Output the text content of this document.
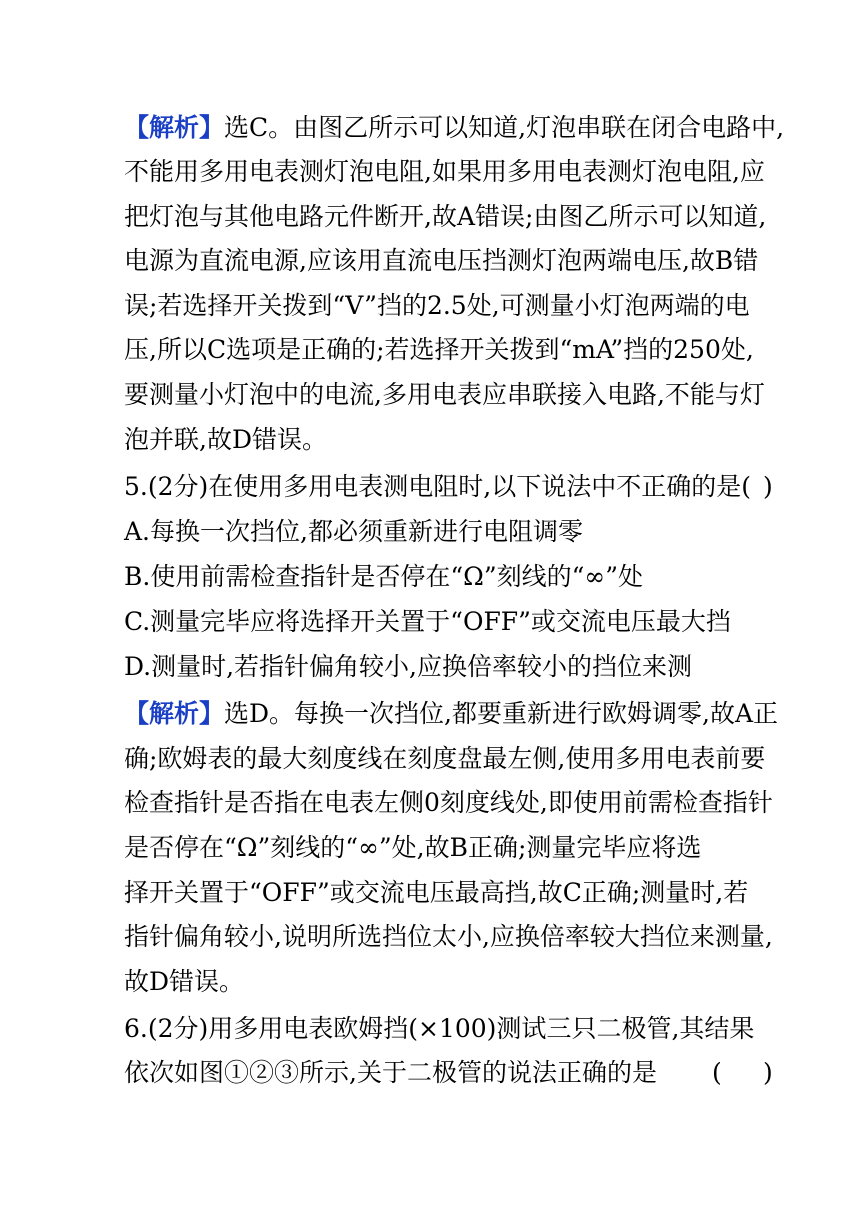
【解析】选C。由图乙所示可以知道,灯泡串联在闭合电路中,
不能用多用电表测灯泡电阻,如果用多用电表测灯泡电阻,应
把灯泡与其他电路元件断开,故A错误;由图乙所示可以知道,
电源为直流电源,应该用直流电压挡测灯泡两端电压,故B错
误;若选择开关拨到“V”挡的2.5处,可测量小灯泡两端的电
压,所以C选项是正确的;若选择开关拨到“mA”挡的250处,
要测量小灯泡中的电流,多用电表应串联接入电路,不能与灯
泡并联,故D错误。
5.(2分)在使用多用电表测电阻时,以下说法中不正确的是( )
A.每换一次挡位,都必须重新进行电阻调零
B.使用前需检查指针是否停在“Ω”刻线的“∞”处
C.测量完毕应将选择开关置于“OFF”或交流电压最大挡
D.测量时,若指针偏角较小,应换倍率较小的挡位来测
【解析】选D。每换一次挡位,都要重新进行欧姆调零,故A正
确;欧姆表的最大刻度线在刻度盘最左侧,使用多用电表前要
检查指针是否指在电表左侧0刻度线处,即使用前需检查指针
是否停在“Ω”刻线的“∞”处,故B正确;测量完毕应将选
择开关置于“OFF”或交流电压最高挡,故C正确;测量时,若
指针偏角较小,说明所选挡位太小,应换倍率较大挡位来测量,
故D错误。
6.(2分)用多用电表欧姆挡(×100)测试三只二极管,其结果
依次如图①②③所示,关于二极管的说法正确的是 ( )
